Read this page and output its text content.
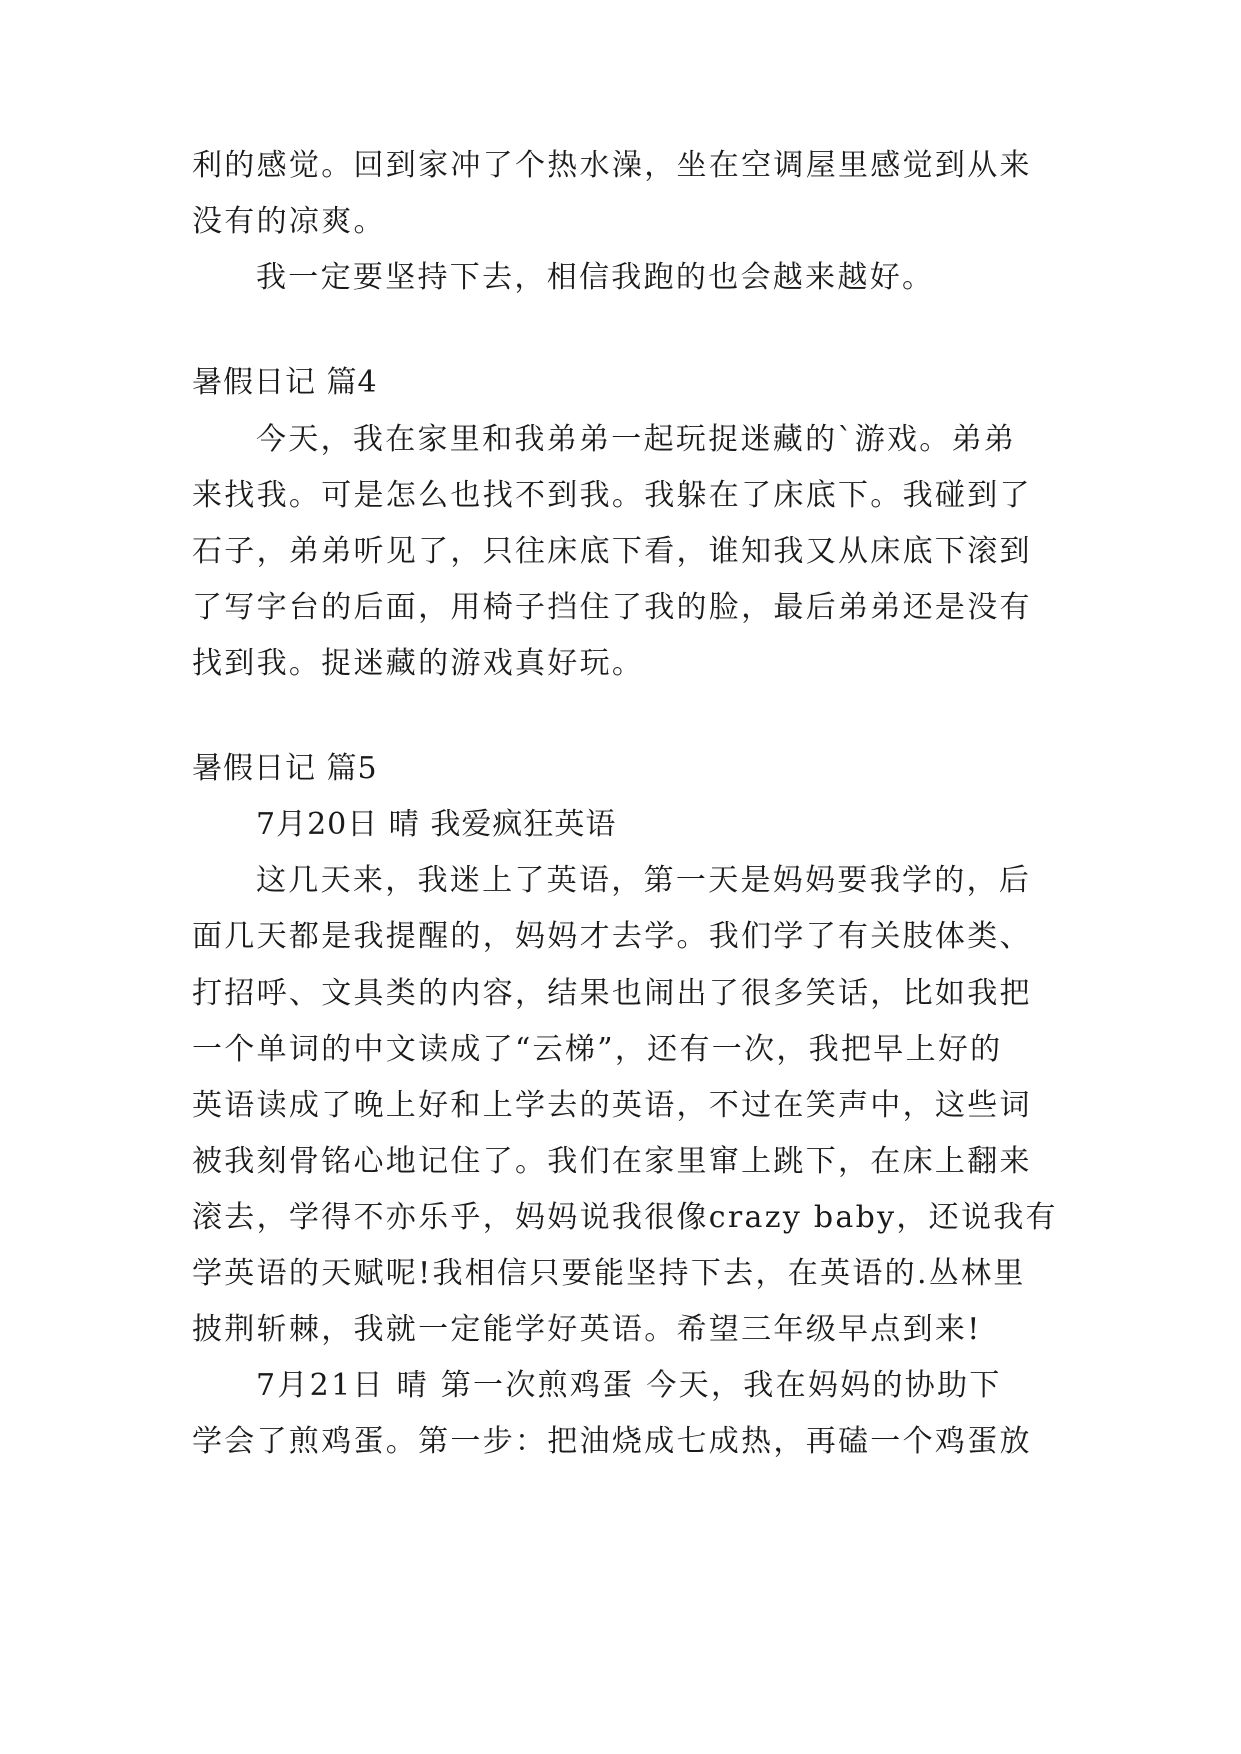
利的感觉。回到家冲了个热水澡，坐在空调屋里感觉到从来
没有的凉爽。
我一定要坚持下去，相信我跑的也会越来越好。
暑假日记 篇4
今天，我在家里和我弟弟一起玩捉迷藏的`游戏。弟弟
来找我。可是怎么也找不到我。我躲在了床底下。我碰到了
石子，弟弟听见了，只往床底下看，谁知我又从床底下滚到
了写字台的后面，用椅子挡住了我的脸，最后弟弟还是没有
找到我。捉迷藏的游戏真好玩。
暑假日记 篇5
7月20日 晴 我爱疯狂英语
这几天来，我迷上了英语，第一天是妈妈要我学的，后
面几天都是我提醒的，妈妈才去学。我们学了有关肢体类、
打招呼、文具类的内容，结果也闹出了很多笑话，比如我把
一个单词的中文读成了“云梯”，还有一次，我把早上好的
英语读成了晚上好和上学去的英语，不过在笑声中，这些词
被我刻骨铭心地记住了。我们在家里窜上跳下，在床上翻来
滚去，学得不亦乐乎，妈妈说我很像crazy baby，还说我有
学英语的天赋呢!我相信只要能坚持下去，在英语的.丛林里
披荆斩棘，我就一定能学好英语。希望三年级早点到来!
7月21日 晴 第一次煎鸡蛋 今天，我在妈妈的协助下
学会了煎鸡蛋。第一步：把油烧成七成热，再磕一个鸡蛋放
